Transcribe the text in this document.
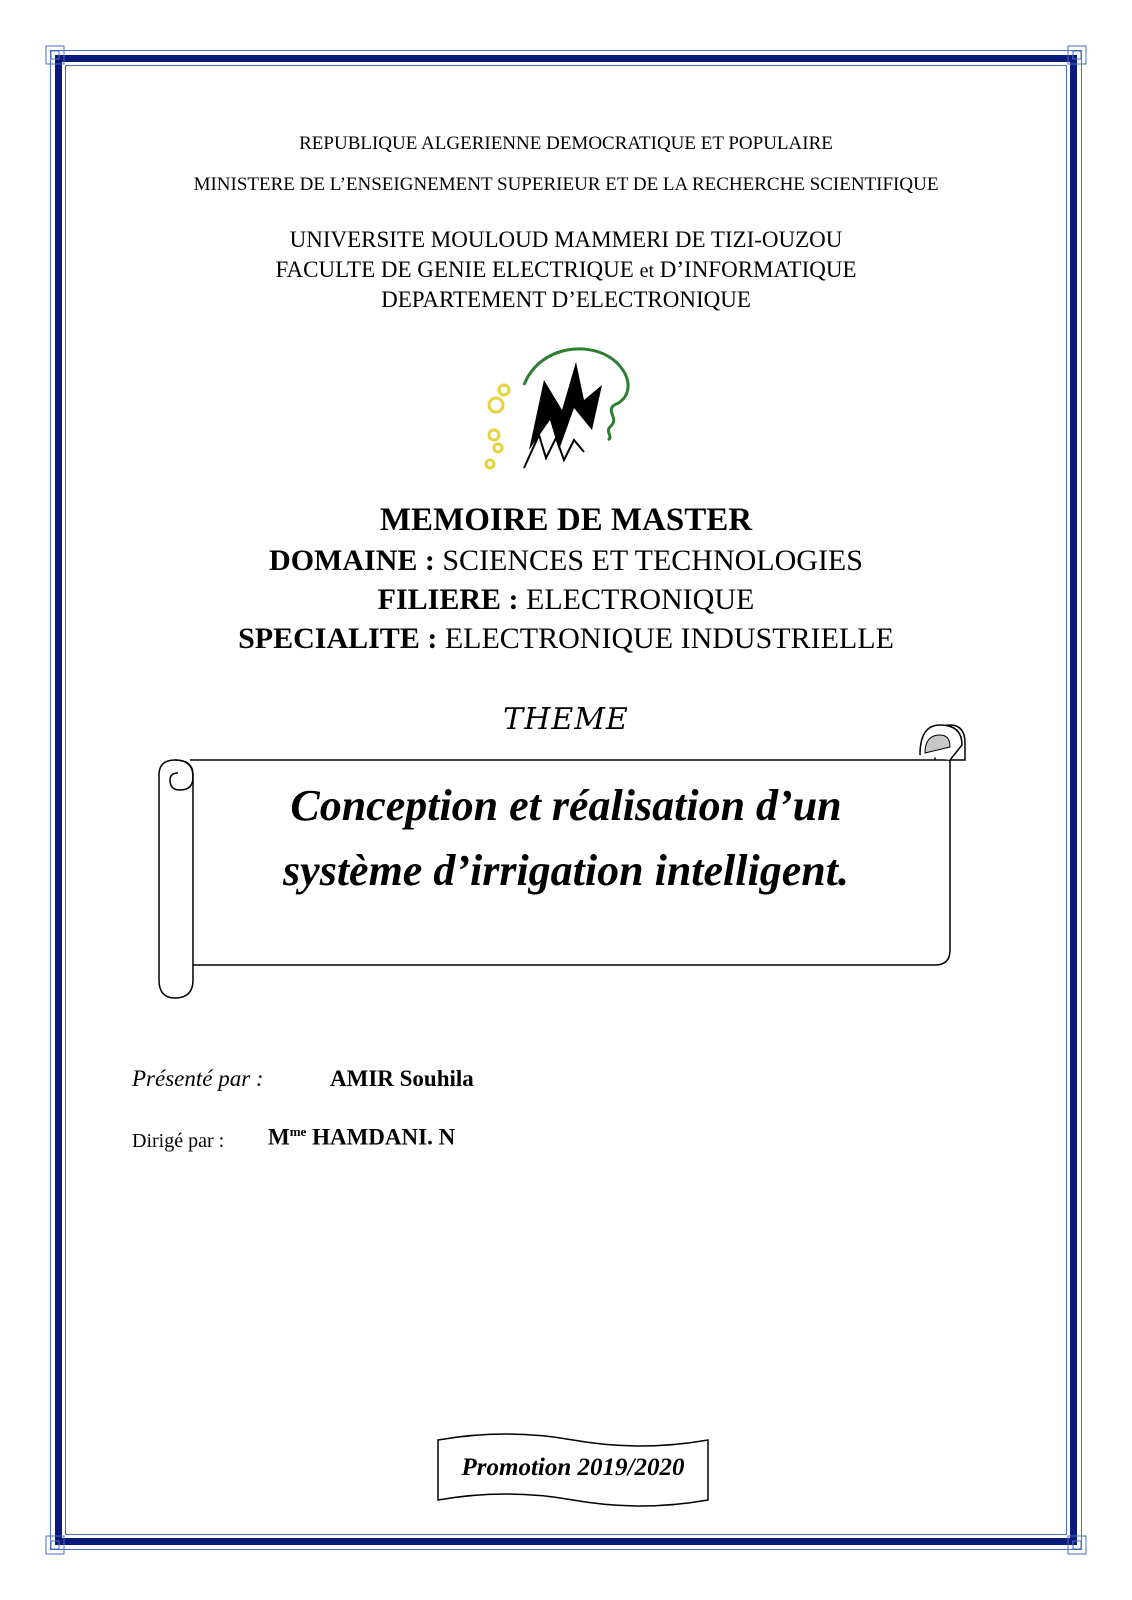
REPUBLIQUE ALGERIENNE DEMOCRATIQUE ET POPULAIRE
MINISTERE DE L’ENSEIGNEMENT SUPERIEUR ET DE LA RECHERCHE SCIENTIFIQUE
UNIVERSITE MOULOUD MAMMERI DE TIZI-OUZOU
FACULTE DE GENIE ELECTRIQUE et D’INFORMATIQUE
DEPARTEMENT D’ELECTRONIQUE
MEMOIRE DE MASTER
DOMAINE : SCIENCES ET TECHNOLOGIES
FILIERE : ELECTRONIQUE
SPECIALITE : ELECTRONIQUE INDUSTRIELLE
THEME
Conception et réalisation d’un
système d’irrigation intelligent.
Présenté par :	AMIR Souhila
Dirigé par : $M^{me}$ HAMDANI. N
Promotion 2019/2020
